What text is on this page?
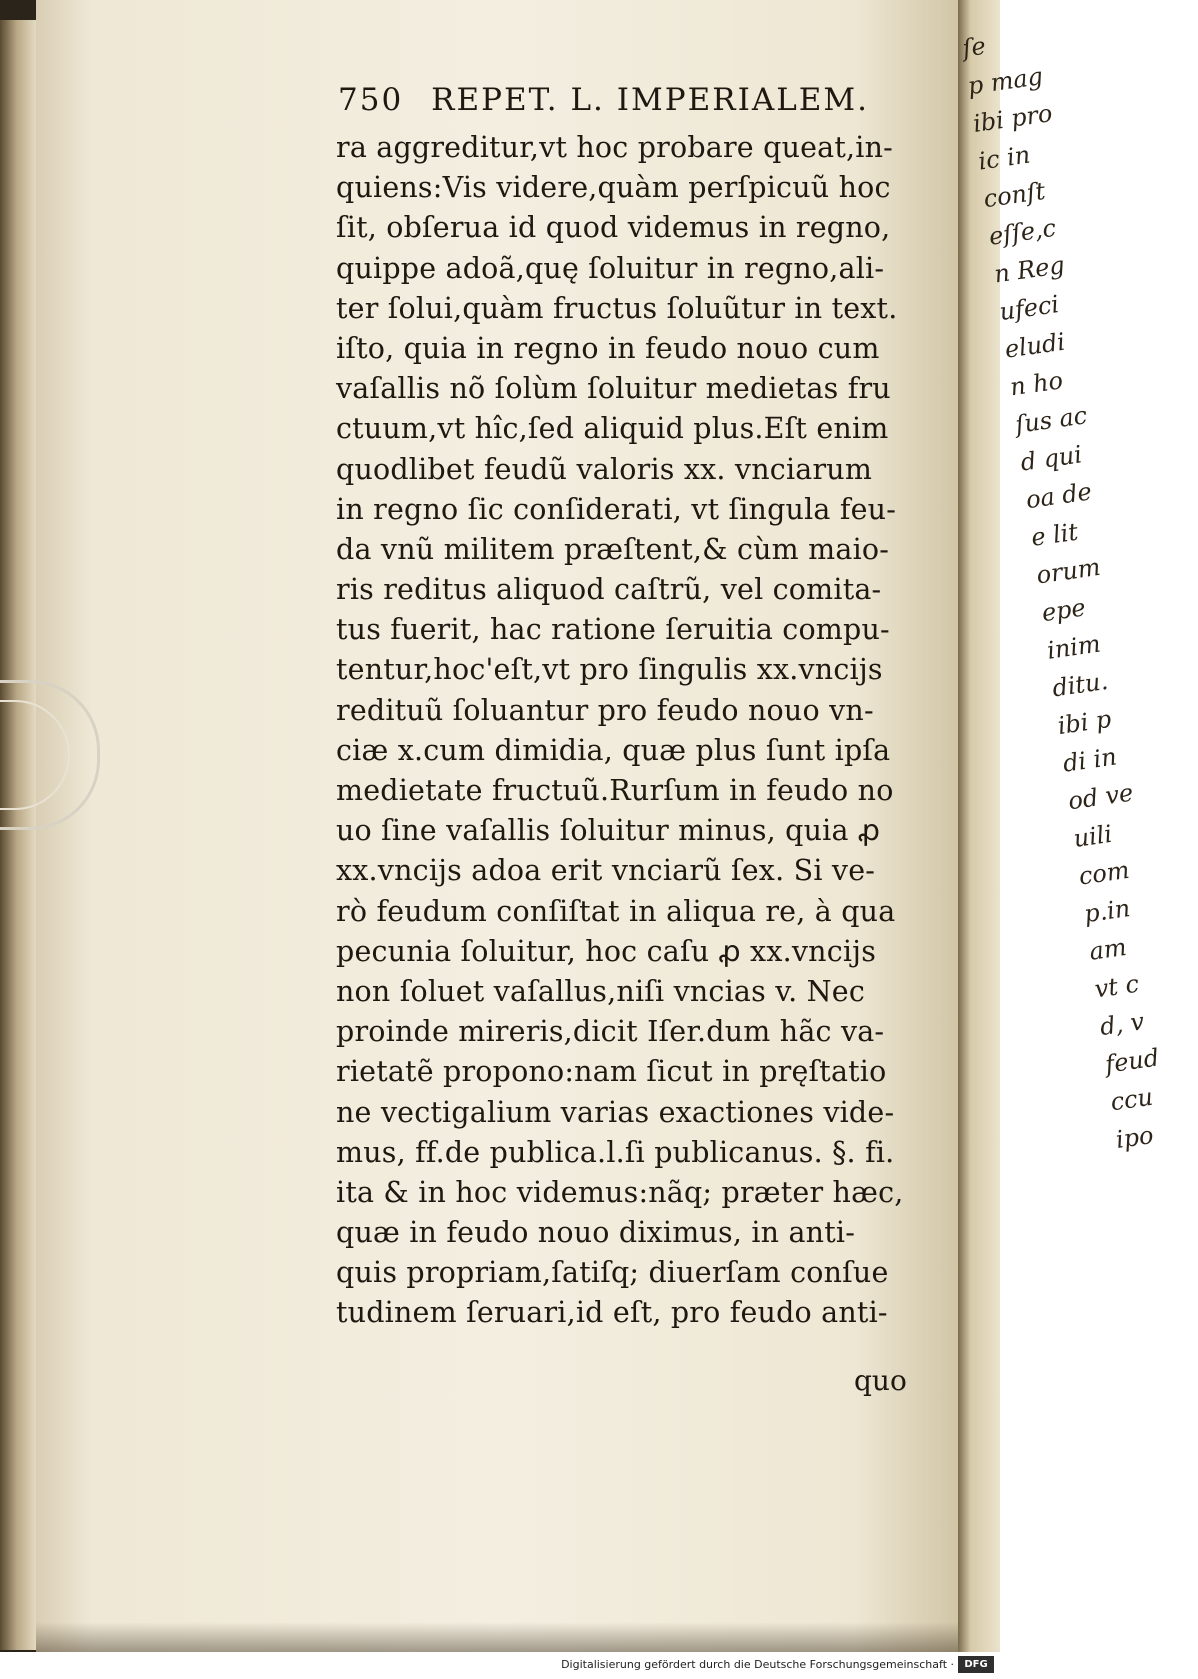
ſe
p mag
ibi pro
ic in
conſt
eſſe,c
n Reg
ufeci
eludi
n ho
ſus ac
d qui
oa de
e lit
orum
epe
inim
ditu.
ibi p
di in
od ve
uili
com
p.in
am
vt c
d, v
feud
ccu
ipo
750 REPET. L. IMPERIALEM.
ra aggreditur,vt hoc probare queat,in-
quiens:Vis videre,quàm perſpicuũ hoc
ſit, obſerua id quod videmus in regno,
quippe adoã,quę ſoluitur in regno,ali-
ter ſolui,quàm fructus ſoluũtur in text.
iſto, quia in regno in feudo nouo cum
vaſallis nõ ſolùm ſoluitur medietas fru
ctuum,vt hîc,ſed aliquid plus.Eſt enim
quodlibet feudũ valoris xx. vnciarum
in regno ſic conſiderati, vt ſingula feu-
da vnũ militem præſtent,& cùm maio-
ris reditus aliquod caſtrũ, vel comita-
tus fuerit, hac ratione ſeruitia compu-
tentur,hoc'eſt,vt pro ſingulis xx.vncijs
redituũ ſoluantur pro feudo nouo vn-
ciæ x.cum dimidia, quæ plus ſunt ipſa
medietate fructuũ.Rurſum in feudo no
uo ſine vaſallis ſoluitur minus, quia ꝓ
xx.vncijs adoa erit vnciarũ ſex. Si ve-
rò feudum conſiſtat in aliqua re, à qua
pecunia ſoluitur, hoc caſu ꝓ xx.vncijs
non ſoluet vaſallus,niſi vncias v. Nec
proinde mireris,dicit Iſer.dum hãc va-
rietatẽ propono:nam ſicut in pręſtatio
ne vectigalium varias exactiones vide-
mus, ff.de publica.l.ſi publicanus. §. fi.
ita & in hoc videmus:nãq; præter hæc,
quæ in feudo nouo diximus, in anti-
quis propriam,ſatiſq; diuerſam conſue
tudinem ſeruari,id eſt, pro feudo anti-
quo
Digitalisierung gefördert durch die Deutsche Forschungsgemeinschaft ·	DFG
